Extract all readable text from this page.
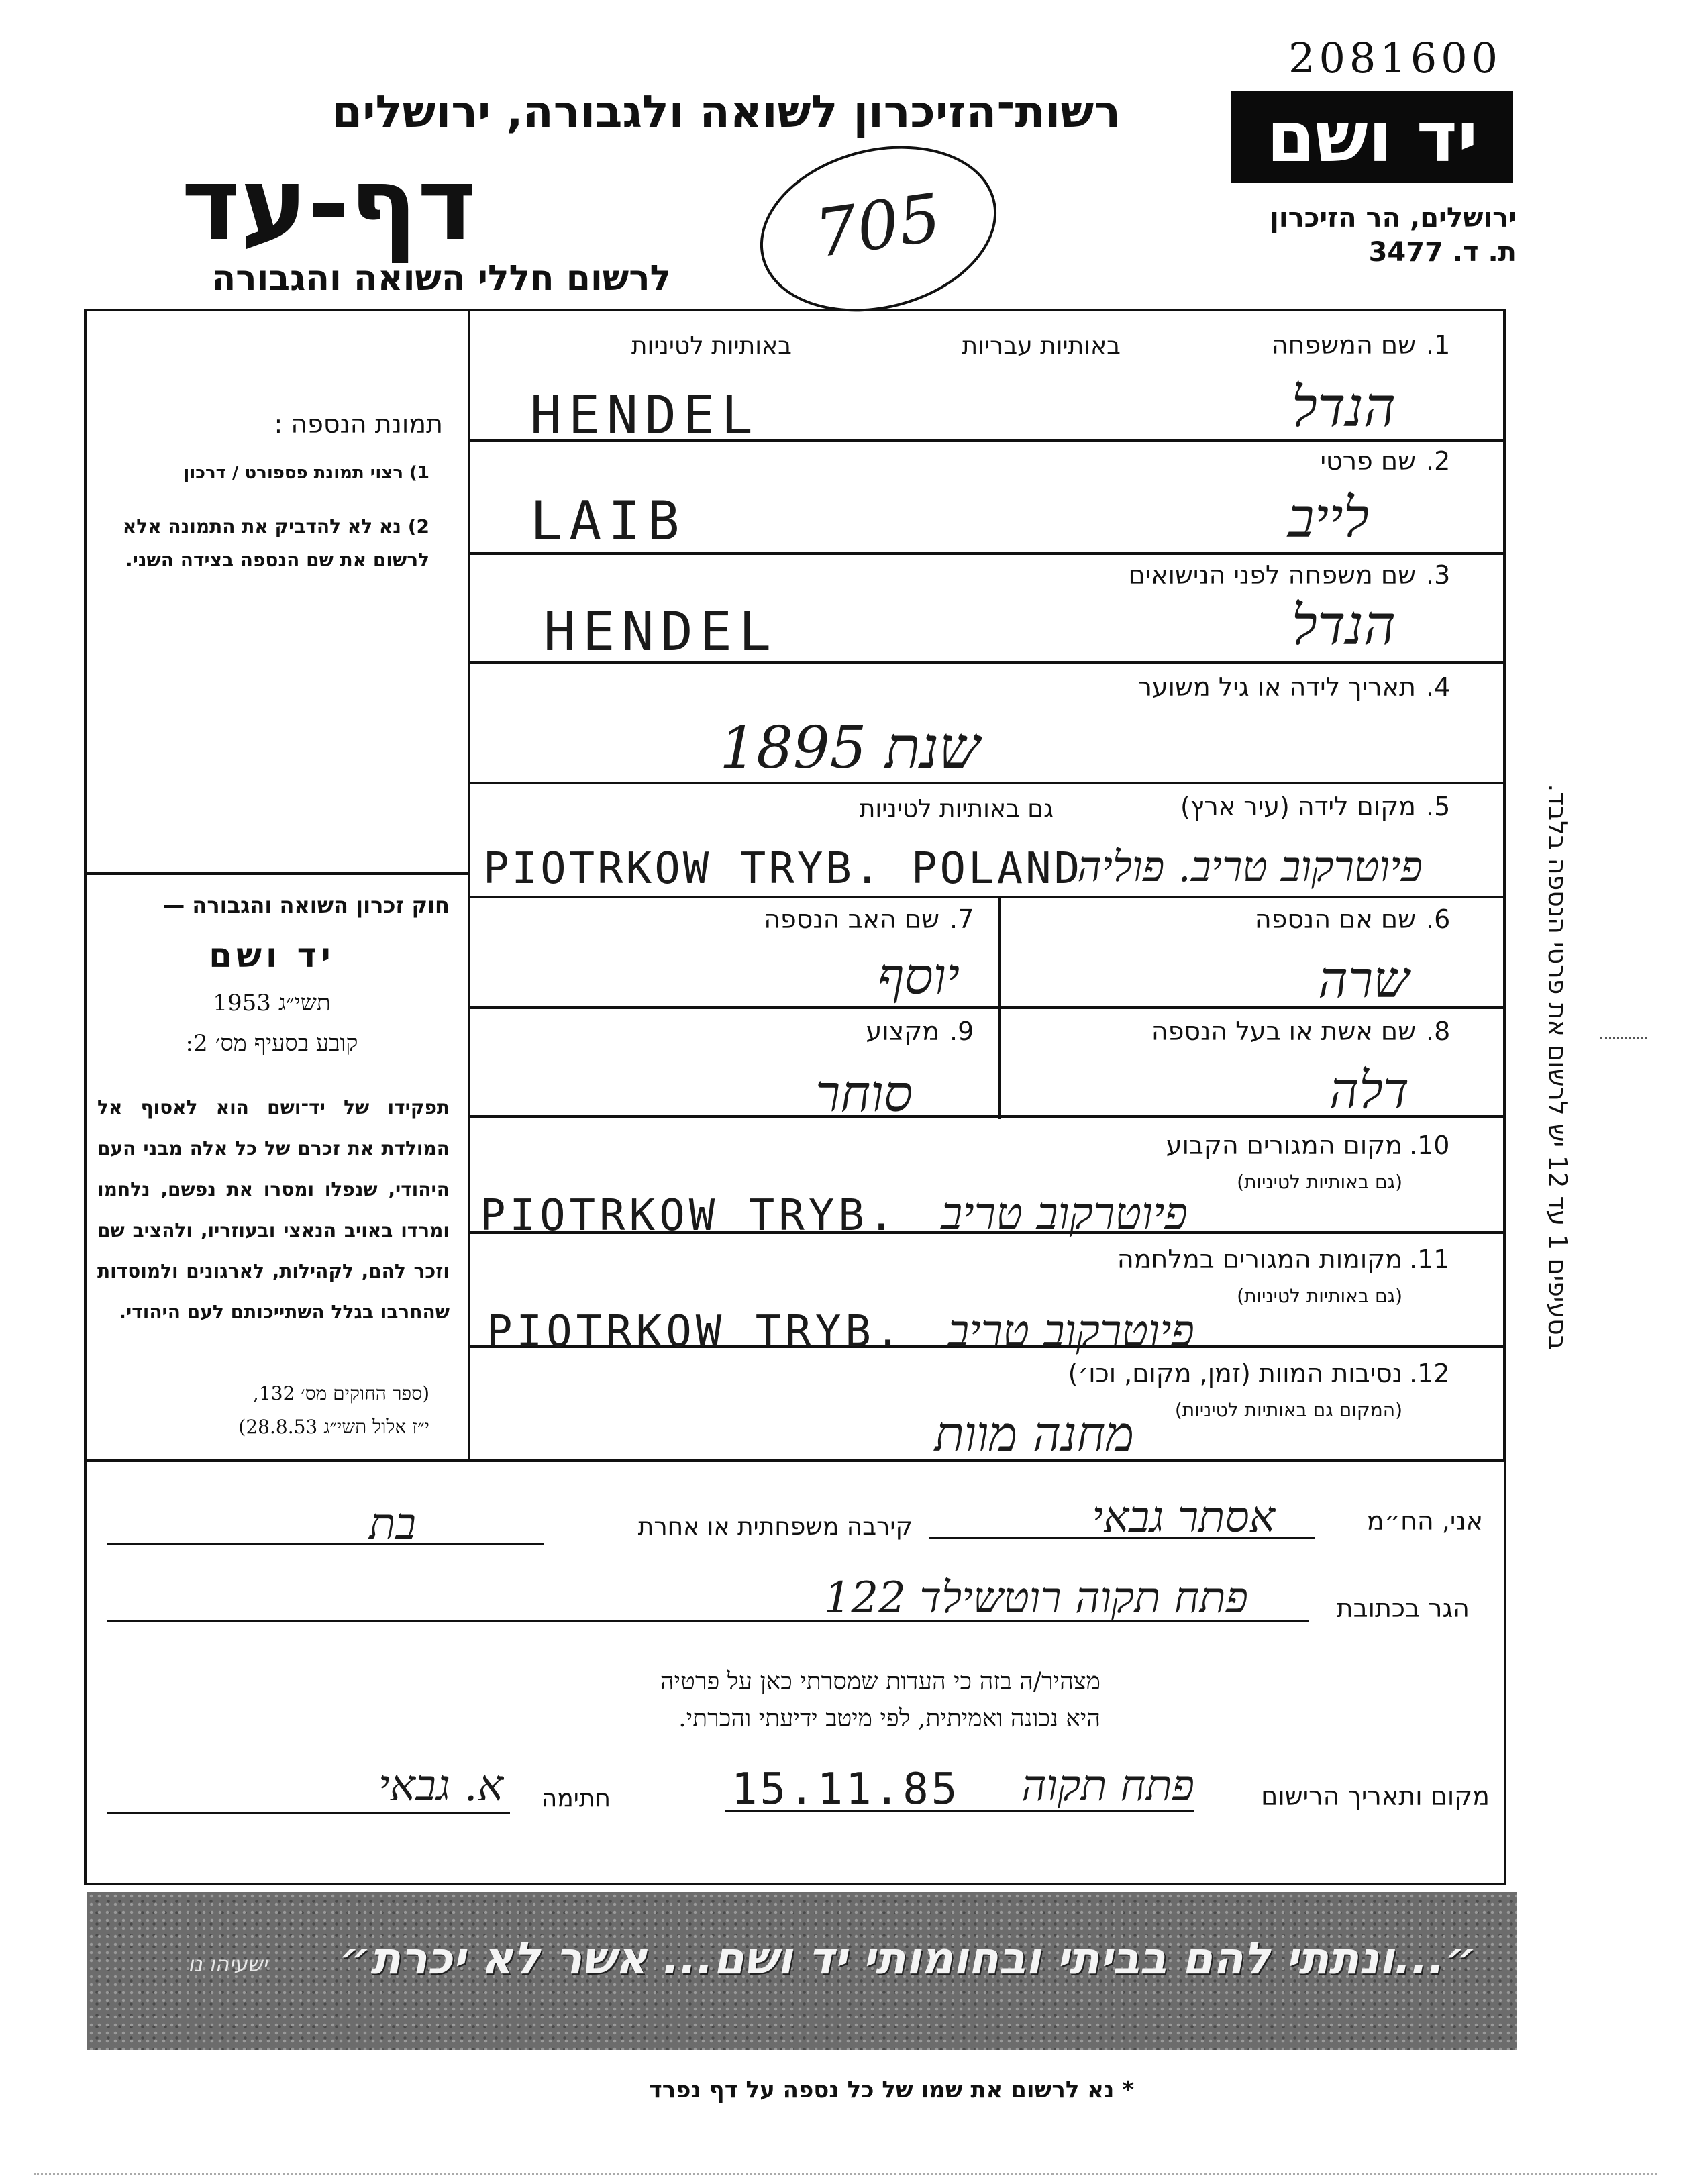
2081600
רשות־הזיכרון לשואה ולגבורה, ירושלים
דף-עד
לרשום חללי השואה והגבורה
705
יד ושם
ירושלים, הר הזיכרון
ת. ד. 3477
באותיות עבריות
באותיות לטיניות	1.
שם המשפחה
HENDEL	הנדל
2.
שם פרטי
LAIB	לייב
3.
שם משפחה לפני הנישואים
HENDEL	הנדל
4.
תאריך לידה או גיל משוער
שנת 1895
5.
מקום לידה (עיר ארץ)
גם באותיות לטיניות
PIOTRKOW TRYB. POLAND
פיוטרקוב טריב. פוליה
6.
שם אם הנספה
שרה
7.
שם האב הנספה
יוסף
8.
שם אשת או בעל הנספה
דלה
9.
מקצוע
סוחר
10.
מקום המגורים הקבוע
(גם באותיות לטיניות)
PIOTRKOW TRYB. פיוטרקוב טריב
11.
מקומות המגורים במלחמה
(גם באותיות לטיניות)
PIOTRKOW TRYB. פיוטרקוב טריב
12.
נסיבות המוות (זמן, מקום, וכו׳)
(המקום גם באותיות לטיניות)
מחנה מוות
תמונת הנספה :
1) רצוי תמונת פספורט / דרכון
2) נא לא להדביק את התמונה אלא לרשום את שם הנספה בצידה השני.
חוק זכרון השואה והגבורה —
יד ושם
תשי״ג 1953
קובע בסעיף מס׳ 2:
תפקידו של יד־ושם הוא לאסוף אל המולדת את זכרם של כל אלה מבני העם היהודי, שנפלו ומסרו את נפשם, נלחמו ומרדו באויב הנאצי ובעוזריו, ולהציב שם וזכר להם, לקהילות, לארגונים ולמוסדות שהחרבו בגלל השתייכותם לעם היהודי.
(ספר החוקים מס׳ 132,
י״ז אלול תשי״ג 28.8.53)
בסעיפים 1 עד 12 יש לרשום את פרטי הנספה בלבד.
אני, הח״מ
אסתר גבאי
קירבה משפחתית או אחרת
בת
הגר בכתובת
פתח תקוה רוטשילד 122
מצהיר/ה בזה כי העדות שמסרתי כאן על פרטיה
היא נכונה ואמיתית, לפי מיטב ידיעתי והכרתי.
מקום ותאריך הרישום
פתח תקוה
15.11.85
חתימה
א. גבאי
״...ונתתי להם בביתי ובחומותי יד ושם... אשר לא יכרת״
ישעיהו נו
* נא לרשום את שמו של כל נספה על דף נפרד
